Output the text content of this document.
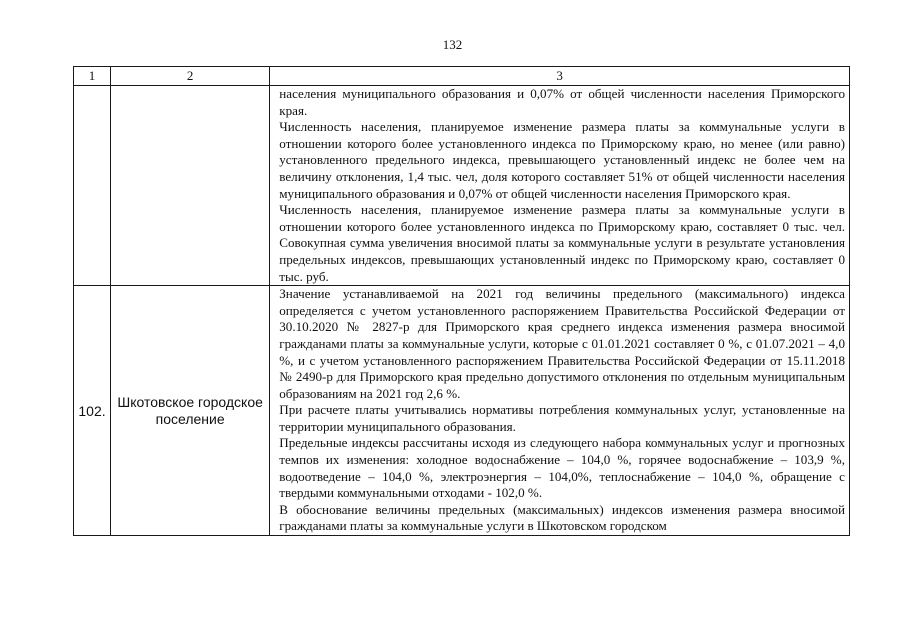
132
1	2	3

		населения муниципального образования и 0,07% от общей численности населения Приморского края.

Численность населения, планируемое изменение размера платы за коммунальные услуги в отношении которого более установленного индекса по Приморскому краю, но менее (или равно) установленного предельного индекса, превышающего установленный индекс не более чем на величину отклонения, 1,4 тыс. чел, доля которого составляет 51% от общей численности населения муниципального образования и 0,07% от общей численности населения Приморского края.

Численность населения, планируемое изменение размера платы за коммунальные услуги в отношении которого более установленного индекса по Приморскому краю, составляет 0 тыс. чел. Совокупная сумма увеличения вносимой платы за коммунальные услуги в результате установления предельных индексов, превышающих установленный индекс по Приморскому краю, составляет 0 тыс. руб.

102.	Шкотовское городское поселение	Значение устанавливаемой на 2021 год величины предельного (максимального) индекса определяется с учетом установленного распоряжением Правительства Российской Федерации от 30.10.2020 № 2827-р для Приморского края среднего индекса изменения размера вносимой гражданами платы за коммунальные услуги, которые с 01.01.2021 составляет 0 %, с 01.07.2021 – 4,0 %, и с учетом установленного распоряжением Правительства Российской Федерации от 15.11.2018 № 2490-р для Приморского края предельно допустимого отклонения по отдельным муниципальным образованиям на 2021 год 2,6 %.

При расчете платы учитывались нормативы потребления коммунальных услуг, установленные на территории муниципального образования.

Предельные индексы рассчитаны исходя из следующего набора коммунальных услуг и прогнозных темпов их изменения: холодное водоснабжение – 104,0 %, горячее водоснабжение – 103,9 %, водоотведение – 104,0 %, электроэнергия – 104,0%, теплоснабжение – 104,0 %, обращение с твердыми коммунальными отходами - 102,0 %.

В обоснование величины предельных (максимальных) индексов изменения размера вносимой гражданами платы за коммунальные услуги в Шкотовском городском
